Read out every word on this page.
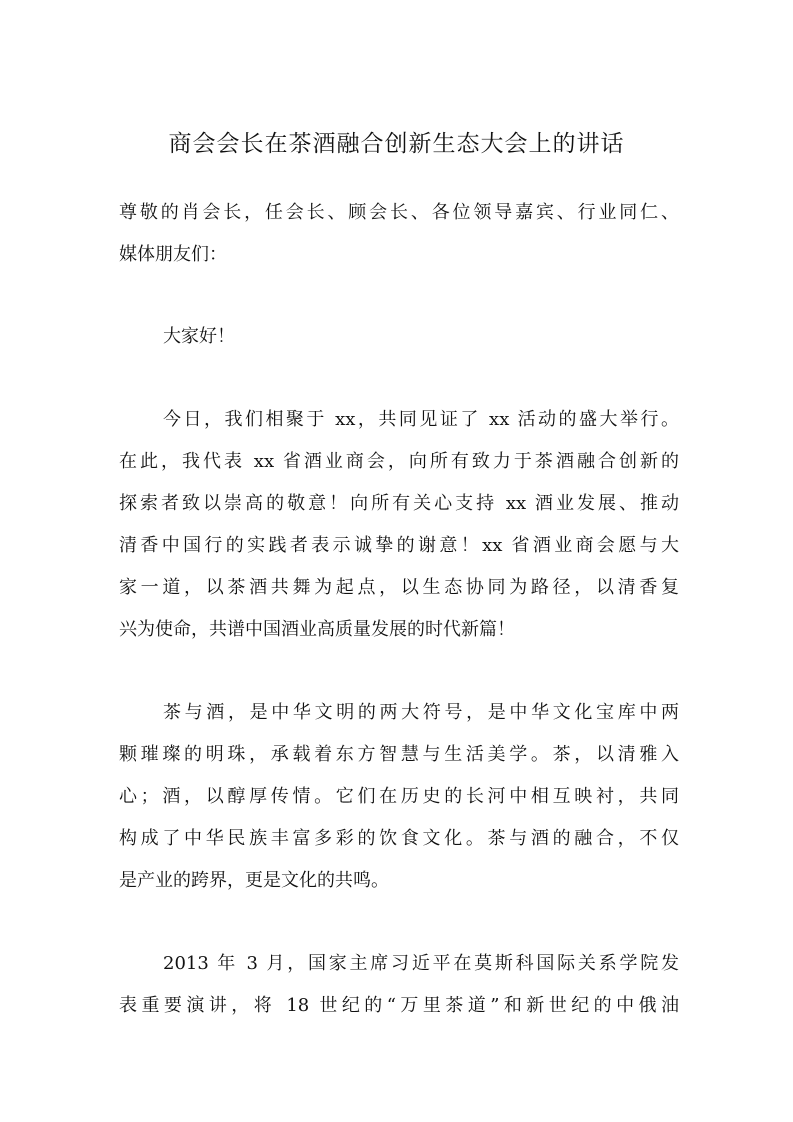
商会会长在茶酒融合创新生态大会上的讲话

尊敬的肖会长，任会长、顾会长、各位领导嘉宾、行业同仁、

媒体朋友们：

大家好！

今日，我们相聚于 xx，共同见证了 xx 活动的盛大举行。

在此，我代表 xx 省酒业商会，向所有致力于茶酒融合创新的

探索者致以崇高的敬意！向所有关心支持 xx 酒业发展、推动

清香中国行的实践者表示诚挚的谢意！xx 省酒业商会愿与大

家一道，以茶酒共舞为起点，以生态协同为路径，以清香复

兴为使命，共谱中国酒业高质量发展的时代新篇！

茶与酒，是中华文明的两大符号，是中华文化宝库中两

颗璀璨的明珠，承载着东方智慧与生活美学。茶，以清雅入

心；酒，以醇厚传情。它们在历史的长河中相互映衬，共同

构成了中华民族丰富多彩的饮食文化。茶与酒的融合，不仅

是产业的跨界，更是文化的共鸣。

2013 年 3 月，国家主席习近平在莫斯科国际关系学院发

表重要演讲，将 18 世纪的“万里茶道”和新世纪的中俄油
